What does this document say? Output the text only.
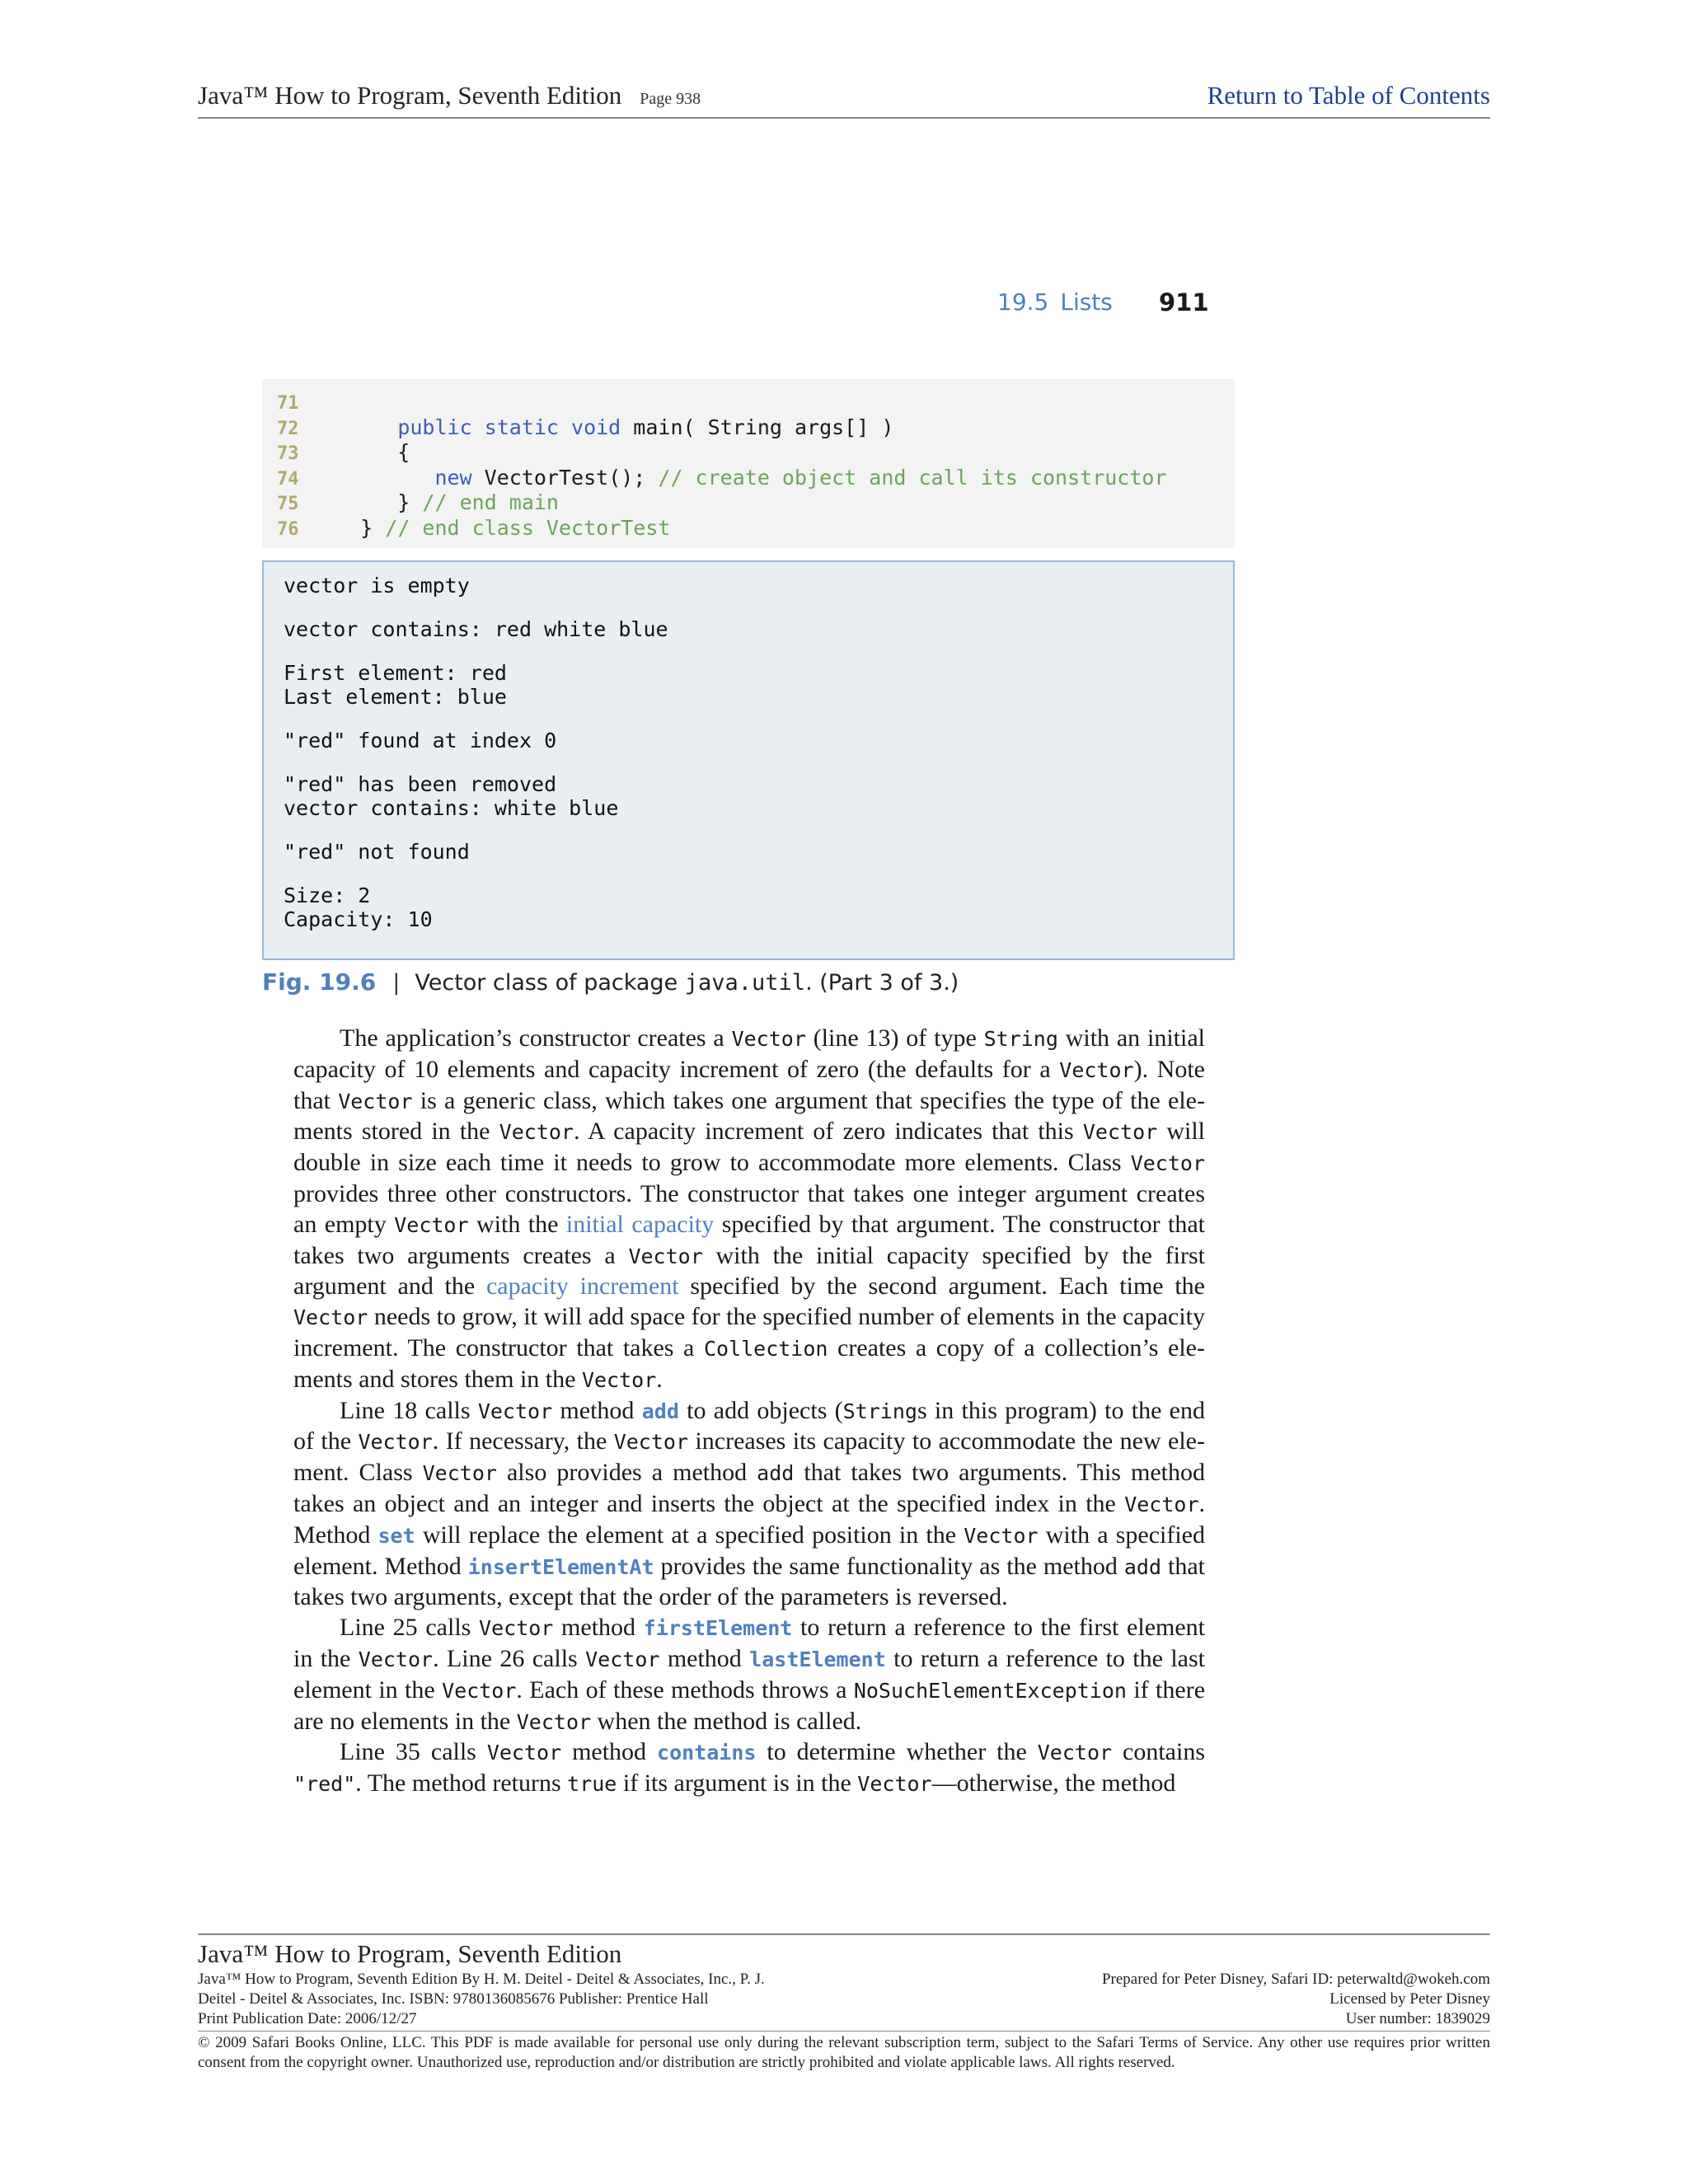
Java™ How to Program, Seventh Edition Page 938	Return to Table of Contents
19.5 Lists	911
71
72	public static void main( String args[] )
73      {
74	new VectorTest(); // create object and call its constructor
75      } // end main
76   } // end class VectorTest
vector is empty
vector contains: red white blue
First element: red
Last element: blue
"red" found at index 0
"red" has been removed
vector contains: white blue
"red" not found
Size: 2
Capacity: 10
Fig. 19.6 | Vector class of package java.util. (Part 3 of 3.)

The application’s constructor creates a Vector (line 13) of type String with an initial capacity of 10 elements and capacity increment of zero (the defaults for a Vector). Note that Vector is a generic class, which takes one argument that specifies the type of the elements stored in the Vector. A capacity increment of zero indicates that this Vector will double in size each time it needs to grow to accommodate more elements. Class Vector provides three other constructors. The constructor that takes one integer argument creates an empty Vector with the initial capacity specified by that argument. The constructor that takes two arguments creates a Vector with the initial capacity specified by the first argument and the capacity increment specified by the second argument. Each time the Vector needs to grow, it will add space for the specified number of elements in the capacity increment. The constructor that takes a Collection creates a copy of a collection’s elements and stores them in the Vector.

Line 18 calls Vector method add to add objects (Strings in this program) to the end of the Vector. If necessary, the Vector increases its capacity to accommodate the new element. Class Vector also provides a method add that takes two arguments. This method takes an object and an integer and inserts the object at the specified index in the Vector. Method set will replace the element at a specified position in the Vector with a specified element. Method insertElementAt provides the same functionality as the method add that takes two arguments, except that the order of the parameters is reversed.

Line 25 calls Vector method firstElement to return a reference to the first element in the Vector. Line 26 calls Vector method lastElement to return a reference to the last element in the Vector. Each of these methods throws a NoSuchElementException if there are no elements in the Vector when the method is called.

Line 35 calls Vector method contains to determine whether the Vector contains "red". The method returns true if its argument is in the Vector—otherwise, the method

Java™ How to Program, Seventh Edition
Java™ How to Program, Seventh Edition By H. M. Deitel - Deitel & Associates, Inc., P. J.	Prepared for Peter Disney, Safari ID: peterwaltd@wokeh.com
Deitel - Deitel & Associates, Inc. ISBN: 9780136085676 Publisher: Prentice Hall	Licensed by Peter Disney
Print Publication Date: 2006/12/27	User number: 1839029
© 2009 Safari Books Online, LLC. This PDF is made available for personal use only during the relevant subscription term, subject to the Safari Terms of Service. Any other use requires prior written consent from the copyright owner. Unauthorized use, reproduction and/or distribution are strictly prohibited and violate applicable laws. All rights reserved.
